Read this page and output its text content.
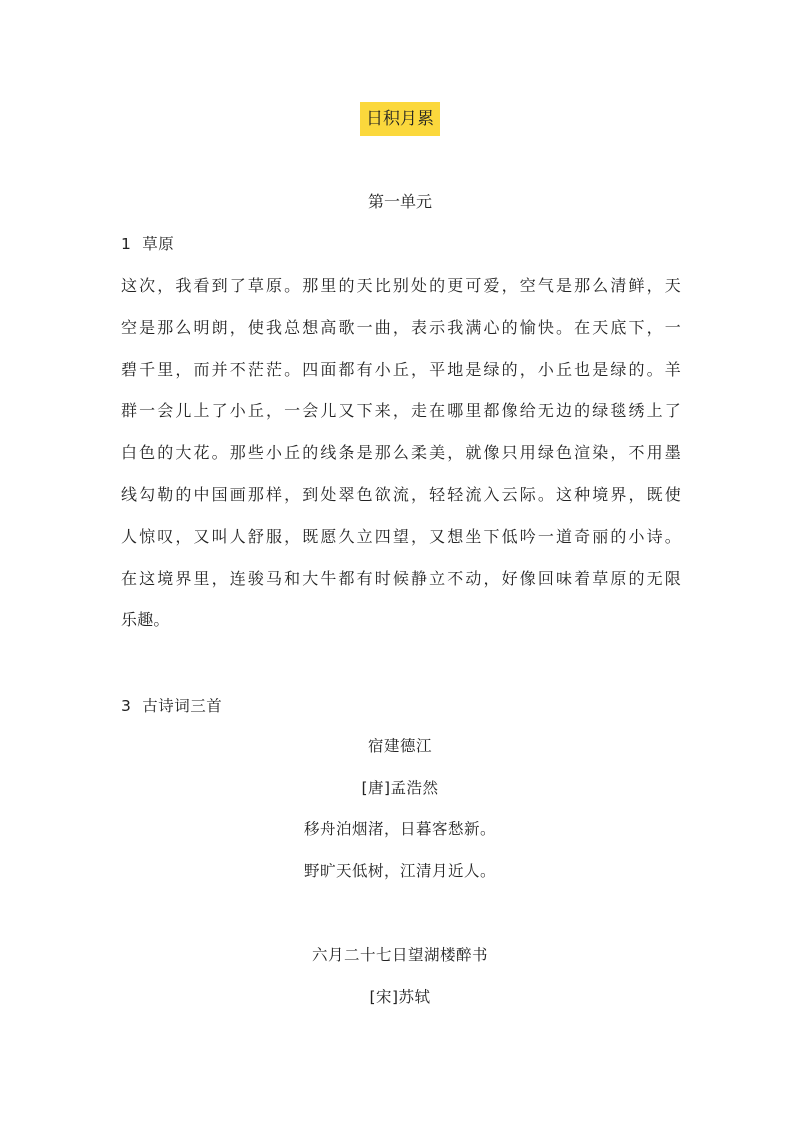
日积月累
第一单元
1 草原
这次，我看到了草原。那里的天比别处的更可爱，空气是那么清鲜，天
空是那么明朗，使我总想高歌一曲，表示我满心的愉快。在天底下，一
碧千里，而并不茫茫。四面都有小丘，平地是绿的，小丘也是绿的。羊
群一会儿上了小丘，一会儿又下来，走在哪里都像给无边的绿毯绣上了
白色的大花。那些小丘的线条是那么柔美，就像只用绿色渲染，不用墨
线勾勒的中国画那样，到处翠色欲流，轻轻流入云际。这种境界，既使
人惊叹，又叫人舒服，既愿久立四望，又想坐下低吟一道奇丽的小诗。
在这境界里，连骏马和大牛都有时候静立不动，好像回味着草原的无限
乐趣。
3 古诗词三首
宿建德江
[唐]孟浩然
移舟泊烟渚，日暮客愁新。
野旷天低树，江清月近人。
六月二十七日望湖楼醉书
[宋]苏轼
